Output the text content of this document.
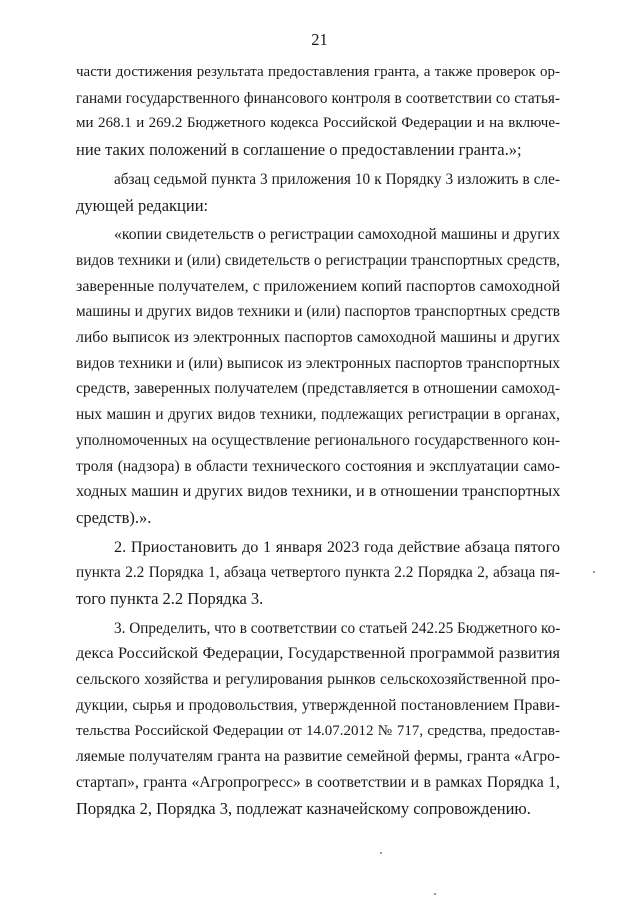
21

части достижения результата предоставления гранта, а также проверок ор-
ганами государственного финансового контроля в соответствии со статья-
ми 268.1 и 269.2 Бюджетного кодекса Российской Федерации и на включе-
ние таких положений в соглашение о предоставлении гранта.»;

абзац седьмой пункта 3 приложения 10 к Порядку 3 изложить в сле-
дующей редакции:

«копии свидетельств о регистрации самоходной машины и других
видов техники и (или) свидетельств о регистрации транспортных средств,
заверенные получателем, с приложением копий паспортов самоходной
машины и других видов техники и (или) паспортов транспортных средств
либо выписок из электронных паспортов самоходной машины и других
видов техники и (или) выписок из электронных паспортов транспортных
средств, заверенных получателем (представляется в отношении самоход-
ных машин и других видов техники, подлежащих регистрации в органах,
уполномоченных на осуществление регионального государственного кон-
троля (надзора) в области технического состояния и эксплуатации само-
ходных машин и других видов техники, и в отношении транспортных
средств).».

2. Приостановить до 1 января 2023 года действие абзаца пятого
пункта 2.2 Порядка 1, абзаца четвертого пункта 2.2 Порядка 2, абзаца пя-
того пункта 2.2 Порядка 3.

3. Определить, что в соответствии со статьей 242.25 Бюджетного ко-
декса Российской Федерации, Государственной программой развития
сельского хозяйства и регулирования рынков сельскохозяйственной про-
дукции, сырья и продовольствия, утвержденной постановлением Прави-
тельства Российской Федерации от 14.07.2012 № 717, средства, предостав-
ляемые получателям гранта на развитие семейной фермы, гранта «Агро-
стартап», гранта «Агропрогресс» в соответствии и в рамках Порядка 1,
Порядка 2, Порядка 3, подлежат казначейскому сопровождению.
